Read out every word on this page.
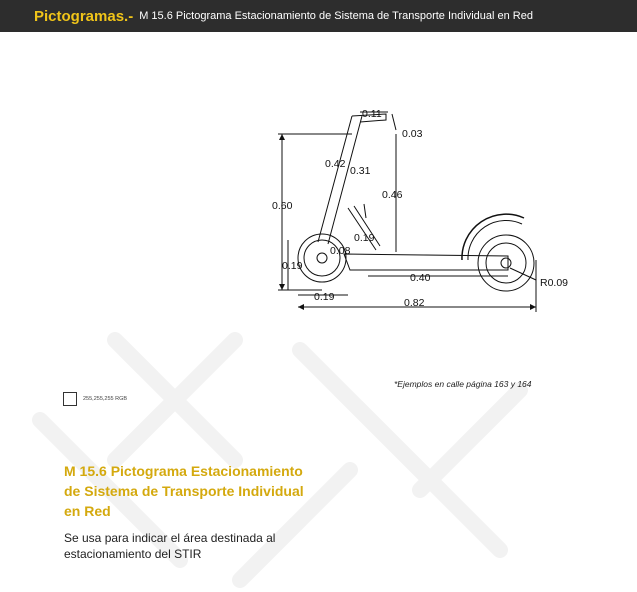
Pictogramas.- M 15.6 Pictograma Estacionamiento de Sistema de Transporte Individual en Red
0.11
0.03
0.42
0.31
0.46
0.60
0.19
0.08
0.19
0.40	R0.09
0.19	0.82
*Ejemplos en calle página 163 y 164
255,255,255 RGB
M 15.6 Pictograma Estacionamiento
de Sistema de Transporte Individual
en Red
Se usa para indicar el área destinada al
estacionamiento del STIR
